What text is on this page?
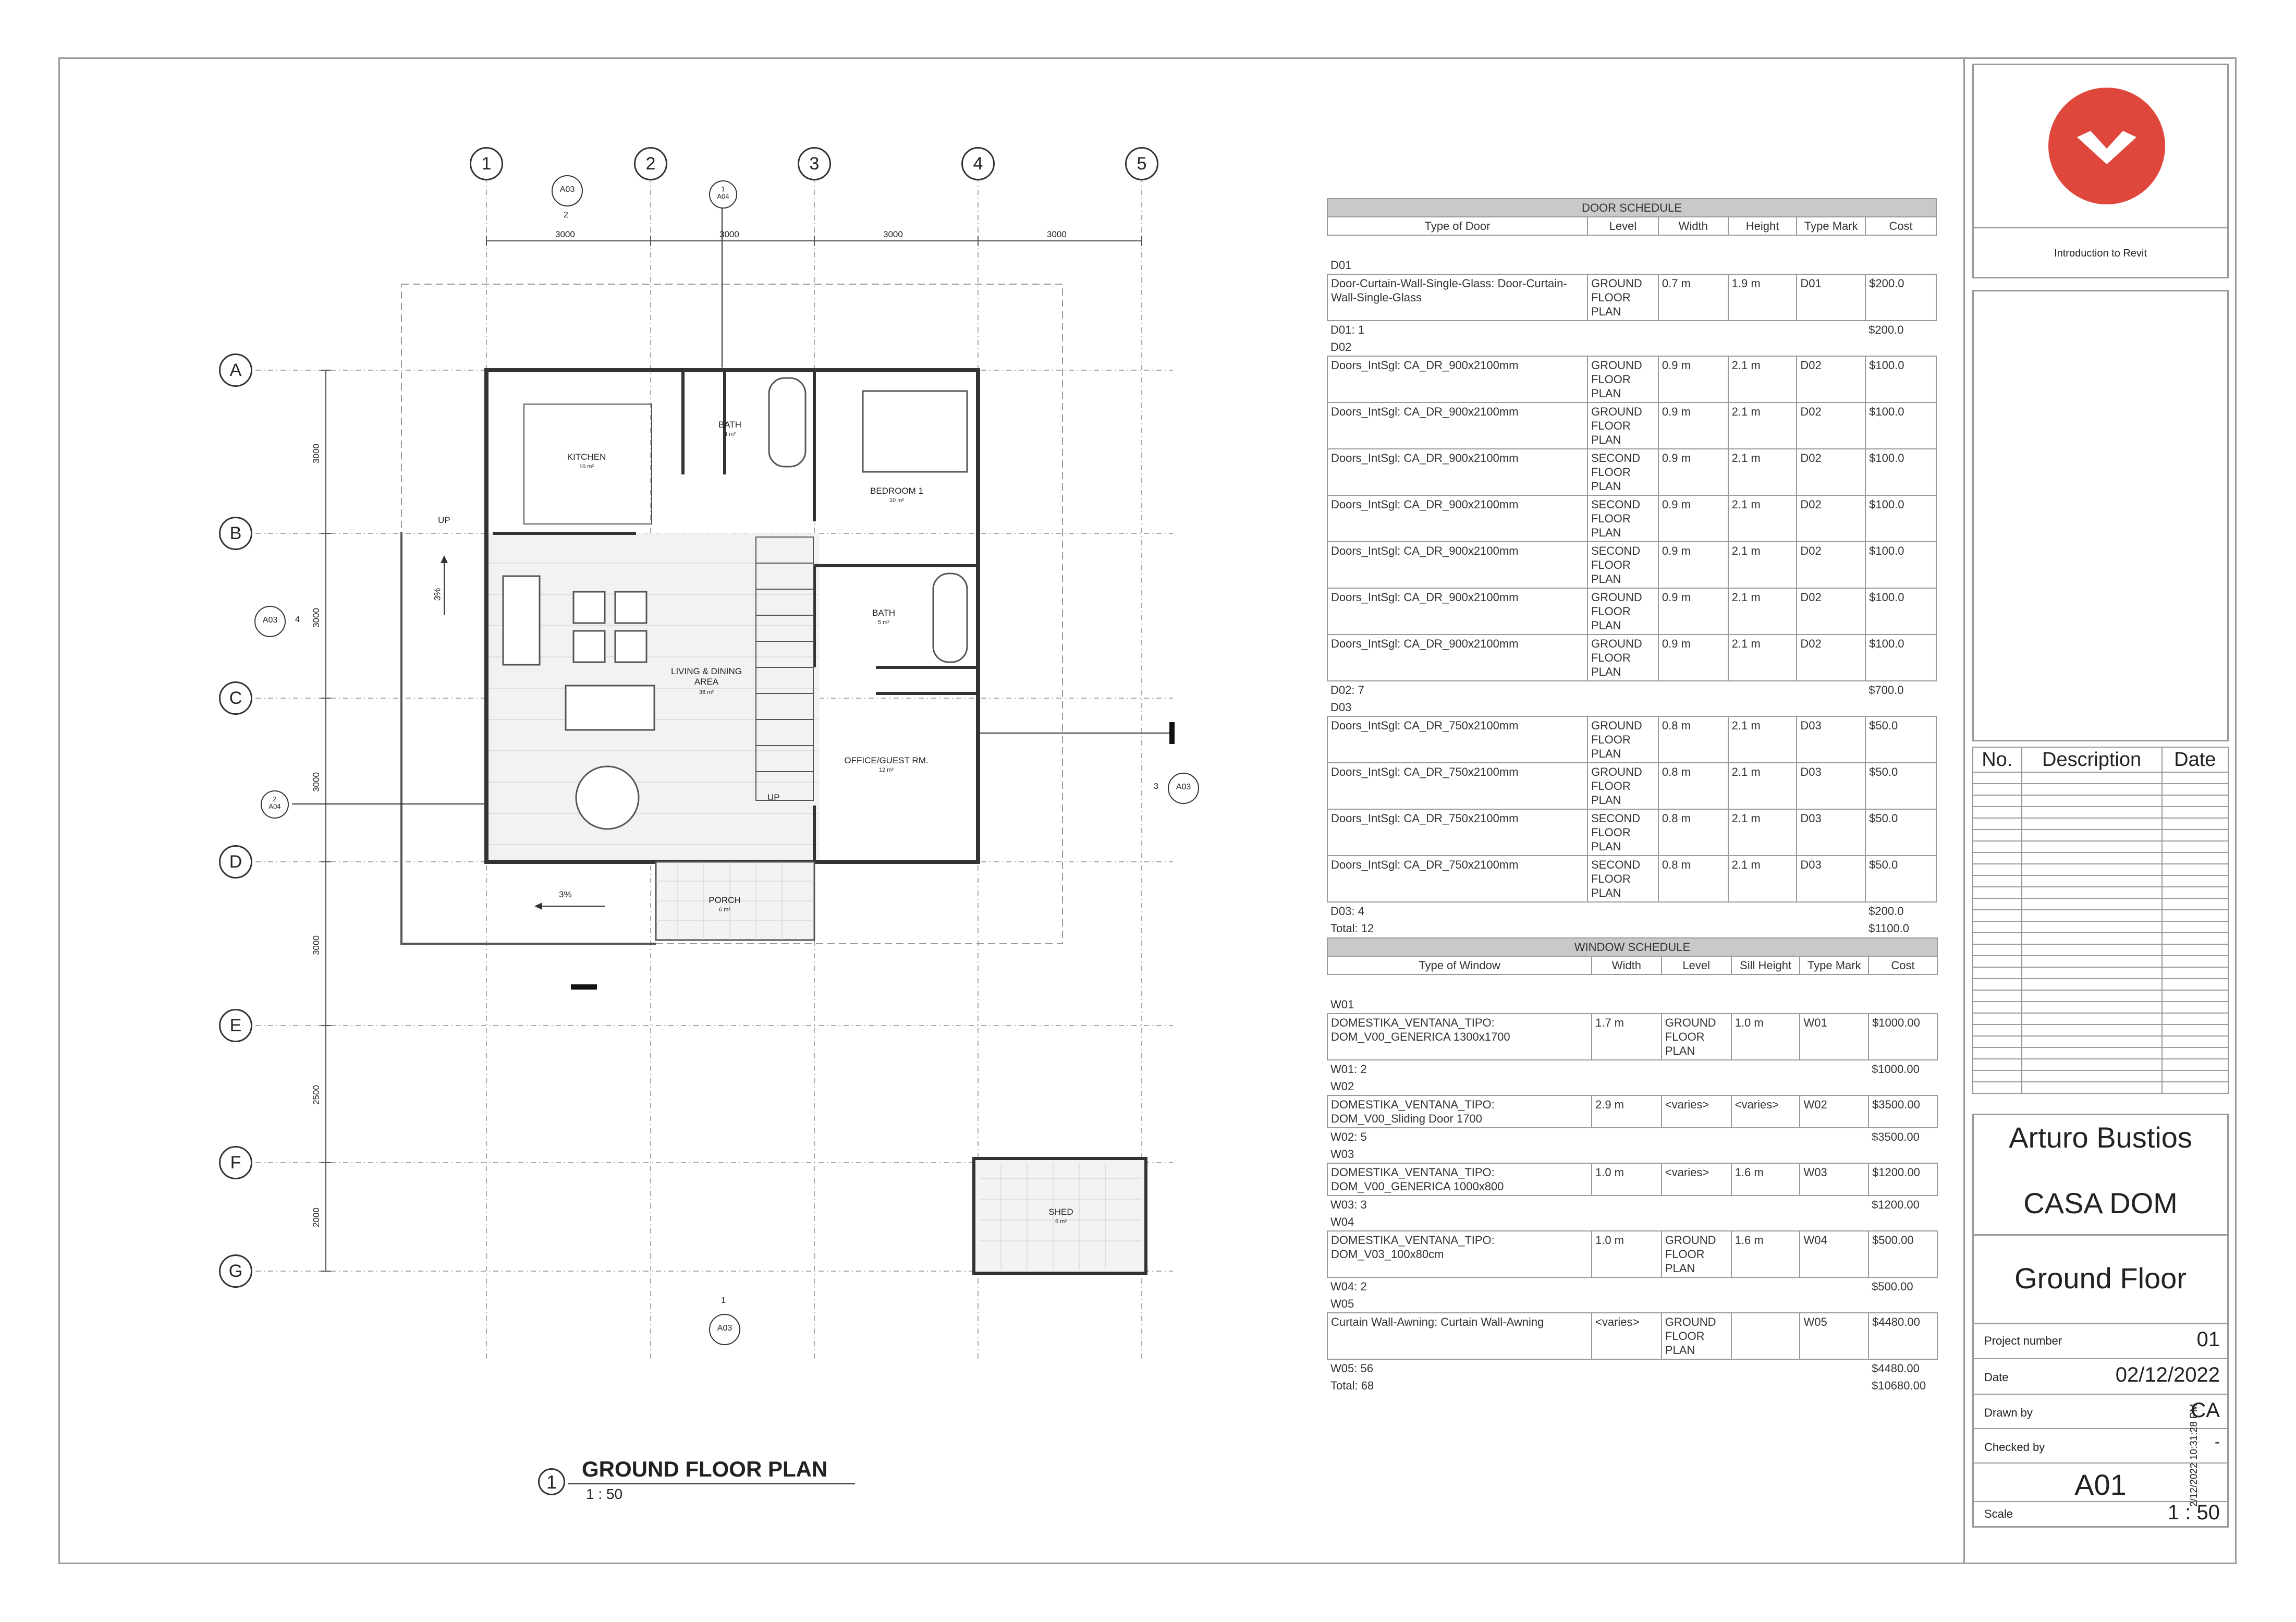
1	2	3	4	5
A
B
C
D
E
F
G
3000	3000	3000	3000
3000
3000
3000
3000
2500
2000
KITCHEN
10 m²
BATH
4 m²
BEDROOM 1
10 m²
BATH
5 m²
LIVING & DINING AREA
36 m²
OFFICE/GUEST RM.
12 m²
PORCH
6 m²
SHED
6 m²
UP
UP
3%
3%
A03
2
1
A04
A03	4
2
A04
A03
3
A03
1
1
GROUND FLOOR PLAN
1 : 50
DOOR SCHEDULE					
Type of Door	Level	Width	Height	Type Mark	Cost

D01					
Door-Curtain-Wall-Single-Glass: Door-Curtain-Wall-Single-Glass	GROUND FLOOR PLAN	0.7 m	1.9 m	D01	$200.0
D01: 1					$200.0
D02					
Doors_IntSgl: CA_DR_900x2100mm	GROUND FLOOR PLAN	0.9 m	2.1 m	D02	$100.0
Doors_IntSgl: CA_DR_900x2100mm	GROUND FLOOR PLAN	0.9 m	2.1 m	D02	$100.0
Doors_IntSgl: CA_DR_900x2100mm	SECOND FLOOR PLAN	0.9 m	2.1 m	D02	$100.0
Doors_IntSgl: CA_DR_900x2100mm	SECOND FLOOR PLAN	0.9 m	2.1 m	D02	$100.0
Doors_IntSgl: CA_DR_900x2100mm	SECOND FLOOR PLAN	0.9 m	2.1 m	D02	$100.0
Doors_IntSgl: CA_DR_900x2100mm	GROUND FLOOR PLAN	0.9 m	2.1 m	D02	$100.0
Doors_IntSgl: CA_DR_900x2100mm	GROUND FLOOR PLAN	0.9 m	2.1 m	D02	$100.0
D02: 7					$700.0
D03					
Doors_IntSgl: CA_DR_750x2100mm	GROUND FLOOR PLAN	0.8 m	2.1 m	D03	$50.0
Doors_IntSgl: CA_DR_750x2100mm	GROUND FLOOR PLAN	0.8 m	2.1 m	D03	$50.0
Doors_IntSgl: CA_DR_750x2100mm	SECOND FLOOR PLAN	0.8 m	2.1 m	D03	$50.0
Doors_IntSgl: CA_DR_750x2100mm	SECOND FLOOR PLAN	0.8 m	2.1 m	D03	$50.0
D03: 4					$200.0
Total: 12					$1100.0
WINDOW SCHEDULE					
Type of Window	Width	Level	Sill Height	Type Mark	Cost

W01					
DOMESTIKA_VENTANA_TIPO: DOM_V00_GENERICA 1300x1700	1.7 m	GROUND FLOOR PLAN	1.0 m	W01	$1000.00
W01: 2					$1000.00
W02					
DOMESTIKA_VENTANA_TIPO: DOM_V00_Sliding Door 1700	2.9 m	<varies>	<varies>	W02	$3500.00
W02: 5					$3500.00
W03					
DOMESTIKA_VENTANA_TIPO: DOM_V00_GENERICA 1000x800	1.0 m	<varies>	1.6 m	W03	$1200.00
W03: 3					$1200.00
W04					
DOMESTIKA_VENTANA_TIPO: DOM_V03_100x80cm	1.0 m	GROUND FLOOR PLAN	1.6 m	W04	$500.00
W04: 2					$500.00
W05					
Curtain Wall-Awning: Curtain Wall-Awning	<varies>	GROUND FLOOR PLAN		W05	$4480.00
W05: 56					$4480.00
Total: 68					$10680.00
Introduction to Revit
No.	Description	Date

Arturo Bustios
CASA DOM
Ground Floor
Project number	01
Date	02/12/2022
Drawn by	CA
Checked by	-
A01
Scale	1 : 50
2/12/2022 10:31:28 PM
